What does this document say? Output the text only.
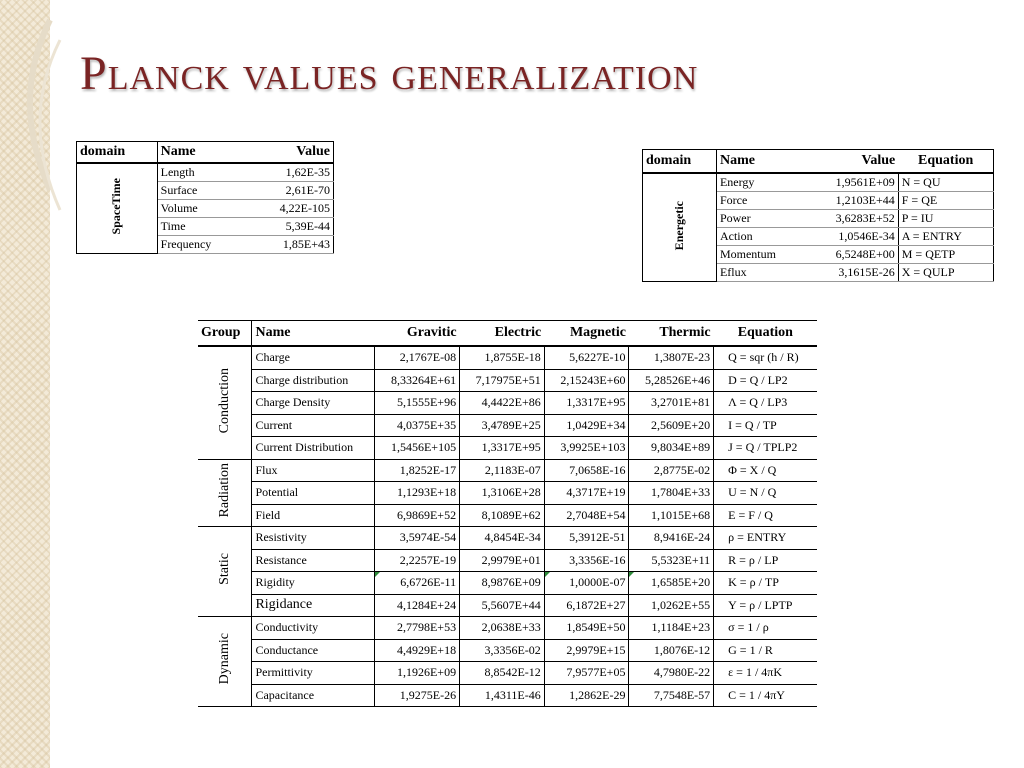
Planck values generalization
domain	Name	Value
SpaceTime	Length	1,62E-35
	Surface	2,61E-70
	Volume	4,22E-105
	Time	5,39E-44
	Frequency	1,85E+43
domain	Name	Value	Equation
Energetic	Energy	1,9561E+09	N = QU
	Force	1,2103E+44	F = QE
	Power	3,6283E+52	P = IU
	Action	1,0546E-34	A = ENTRY
	Momentum	6,5248E+00	M = QETP
	Eflux	3,1615E-26	X = QULP
Group	Name	Gravitic	Electric	Magnetic	Thermic	Equation
Conduction	Charge	2,1767E-08	1,8755E-18	5,6227E-10	1,3807E-23	Q = sqr (h / R)
	Charge distribution	8,33264E+61	7,17975E+51	2,15243E+60	5,28526E+46	D = Q / LP2
	Charge Density	5,1555E+96	4,4422E+86	1,3317E+95	3,2701E+81	Λ = Q / LP3
	Current	4,0375E+35	3,4789E+25	1,0429E+34	2,5609E+20	I = Q / TP
	Current Distribution	1,5456E+105	1,3317E+95	3,9925E+103	9,8034E+89	J = Q / TPLP2
Radiation	Flux	1,8252E-17	2,1183E-07	7,0658E-16	2,8775E-02	Φ = X / Q
	Potential	1,1293E+18	1,3106E+28	4,3717E+19	1,7804E+33	U = N / Q
	Field	6,9869E+52	8,1089E+62	2,7048E+54	1,1015E+68	E = F / Q
Static	Resistivity	3,5974E-54	4,8454E-34	5,3912E-51	8,9416E-24	ρ = ENTRY
	Resistance	2,2257E-19	2,9979E+01	3,3356E-16	5,5323E+11	R = ρ / LP
	Rigidity	6,6726E-11	8,9876E+09	1,0000E-07	1,6585E+20	K = ρ / TP
	Rigidance	4,1284E+24	5,5607E+44	6,1872E+27	1,0262E+55	Y = ρ / LPTP
Dynamic	Conductivity	2,7798E+53	2,0638E+33	1,8549E+50	1,1184E+23	σ = 1 / ρ
	Conductance	4,4929E+18	3,3356E-02	2,9979E+15	1,8076E-12	G = 1 / R
	Permittivity	1,1926E+09	8,8542E-12	7,9577E+05	4,7980E-22	ε = 1 / 4πK
	Capacitance	1,9275E-26	1,4311E-46	1,2862E-29	7,7548E-57	C = 1 / 4πY
